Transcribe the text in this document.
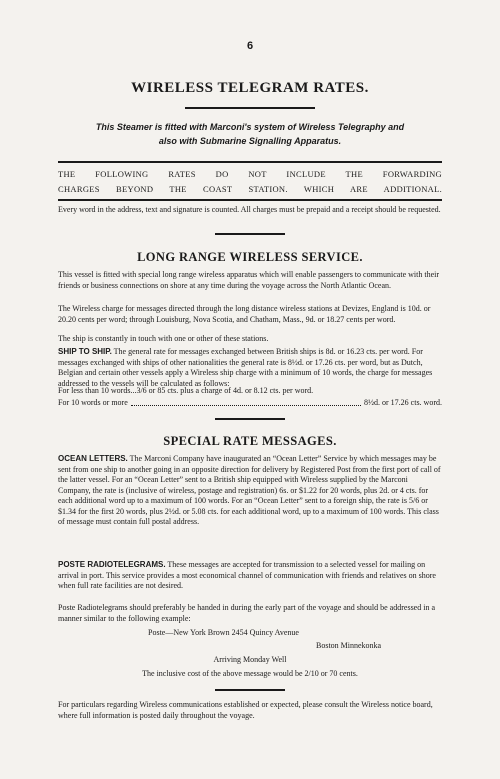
6
WIRELESS TELEGRAM RATES.
This Steamer is fitted with Marconi's system of Wireless Telegraphy and
also with Submarine Signalling Apparatus.
THE FOLLOWING RATES DO NOT INCLUDE THE FORWARDING
CHARGES BEYOND THE COAST STATION. WHICH ARE ADDITIONAL.
Every word in the address, text and signature is counted. All charges must be prepaid and a receipt should be requested.
LONG RANGE WIRELESS SERVICE.
This vessel is fitted with special long range wireless apparatus which will enable passengers to communicate with their friends or business connections on shore at any time during the voyage across the North Atlantic Ocean.
The Wireless charge for messages directed through the long distance wireless stations at Devizes, England is 10d. or 20.20 cents per word; through Louisburg, Nova Scotia, and Chatham, Mass., 9d. or 18.27 cents per word.
The ship is constantly in touch with one or other of these stations.
SHIP TO SHIP. The general rate for messages exchanged between British ships is 8d. or 16.23 cts. per word. For messages exchanged with ships of other nationalities the general rate is 8½d. or 17.26 cts. per word, but as Dutch, Belgian and certain other vessels apply a Wireless ship charge with a minimum of 10 words, the charge for messages addressed to the vessels will be calculated as follows:
For less than 10 words...3/6 or 85 cts. plus a charge of 4d. or 8.12 cts. per word.
For 10 words or more	8½d. or 17.26 cts. word.
SPECIAL RATE MESSAGES.
OCEAN LETTERS. The Marconi Company have inaugurated an “Ocean Letter” Service by which messages may be sent from one ship to another going in an opposite direction for delivery by Registered Post from the first port of call of the latter vessel. For an “Ocean Letter” sent to a British ship equipped with Wireless supplied by the Marconi Company, the rate is (inclusive of wireless, postage and registration) 6s. or $1.22 for 20 words, plus 2d. or 4 cts. for each additional word up to a maximum of 100 words. For an “Ocean Letter” sent to a foreign ship, the rate is 5/6 or $1.34 for the first 20 words, plus 2½d. or 5.08 cts. for each additional word, up to a maximum of 100 words. This class of message must contain full postal address.
POSTE RADIOTELEGRAMS. These messages are accepted for transmission to a selected vessel for mailing on arrival in port. This service provides a most economical channel of communication with friends and relatives on shore when full rate facilities are not desired.
Poste Radiotelegrams should preferably be handed in during the early part of the voyage and should be addressed in a manner similar to the following example:
Poste—New York Brown 2454 Quincy Avenue
Boston Minnekonka
Arriving Monday Well
The inclusive cost of the above message would be 2/10 or 70 cents.
For particulars regarding Wireless communications established or expected, please consult the Wireless notice board, where full information is posted daily throughout the voyage.
